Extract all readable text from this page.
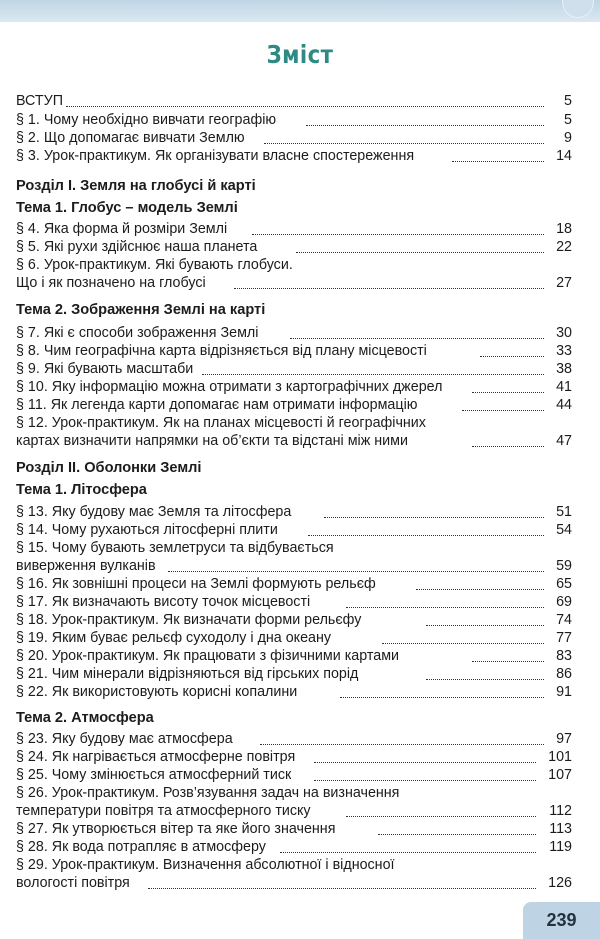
Зміст
ВСТУП	5
§ 1. Чому необхідно вивчати географію	5
§ 2. Що допомагає вивчати Землю	9
§ 3. Урок-практикум. Як організувати власне спостереження	14
Розділ І. Земля на глобусі й карті
Тема 1. Глобус – модель Землі
§ 4. Яка форма й розміри Землі	18
§ 5. Які рухи здійснює наша планета	22
§ 6. Урок-практикум. Які бувають глобуси.
Що і як позначено на глобусі	27
Тема 2. Зображення Землі на карті
§ 7. Які є способи зображення Землі	30
§ 8. Чим географічна карта відрізняється від плану місцевості	33
§ 9. Які бувають масштаби	38
§ 10. Яку інформацію можна отримати з картографічних джерел	41
§ 11. Як легенда карти допомагає нам отримати інформацію	44
§ 12. Урок-практикум. Як на планах місцевості й географічних
картах визначити напрямки на об’єкти та відстані між ними	47
Розділ ІІ. Оболонки Землі
Тема 1. Літосфера
§ 13. Яку будову має Земля та літосфера	51
§ 14. Чому рухаються літосферні плити	54
§ 15. Чому бувають землетруси та відбувається
виверження вулканів	59
§ 16. Як зовнішні процеси на Землі формують рельєф	65
§ 17. Як визначають висоту точок місцевості	69
§ 18. Урок-практикум. Як визначати форми рельєфу	74
§ 19. Яким буває рельєф суходолу і дна океану	77
§ 20. Урок-практикум. Як працювати з фізичними картами	83
§ 21. Чим мінерали відрізняються від гірських порід	86
§ 22. Як використовують корисні копалини	91
Тема 2. Атмосфера
§ 23. Яку будову має атмосфера	97
§ 24. Як нагрівається атмосферне повітря	101
§ 25. Чому змінюється атмосферний тиск	107
§ 26. Урок-практикум. Розв’язування задач на визначення
температури повітря та атмосферного тиску	112
§ 27. Як утворюється вітер та яке його значення	113
§ 28. Як вода потрапляє в атмосферу	119
§ 29. Урок-практикум. Визначення абсолютної і відносної
вологості повітря	126
239
